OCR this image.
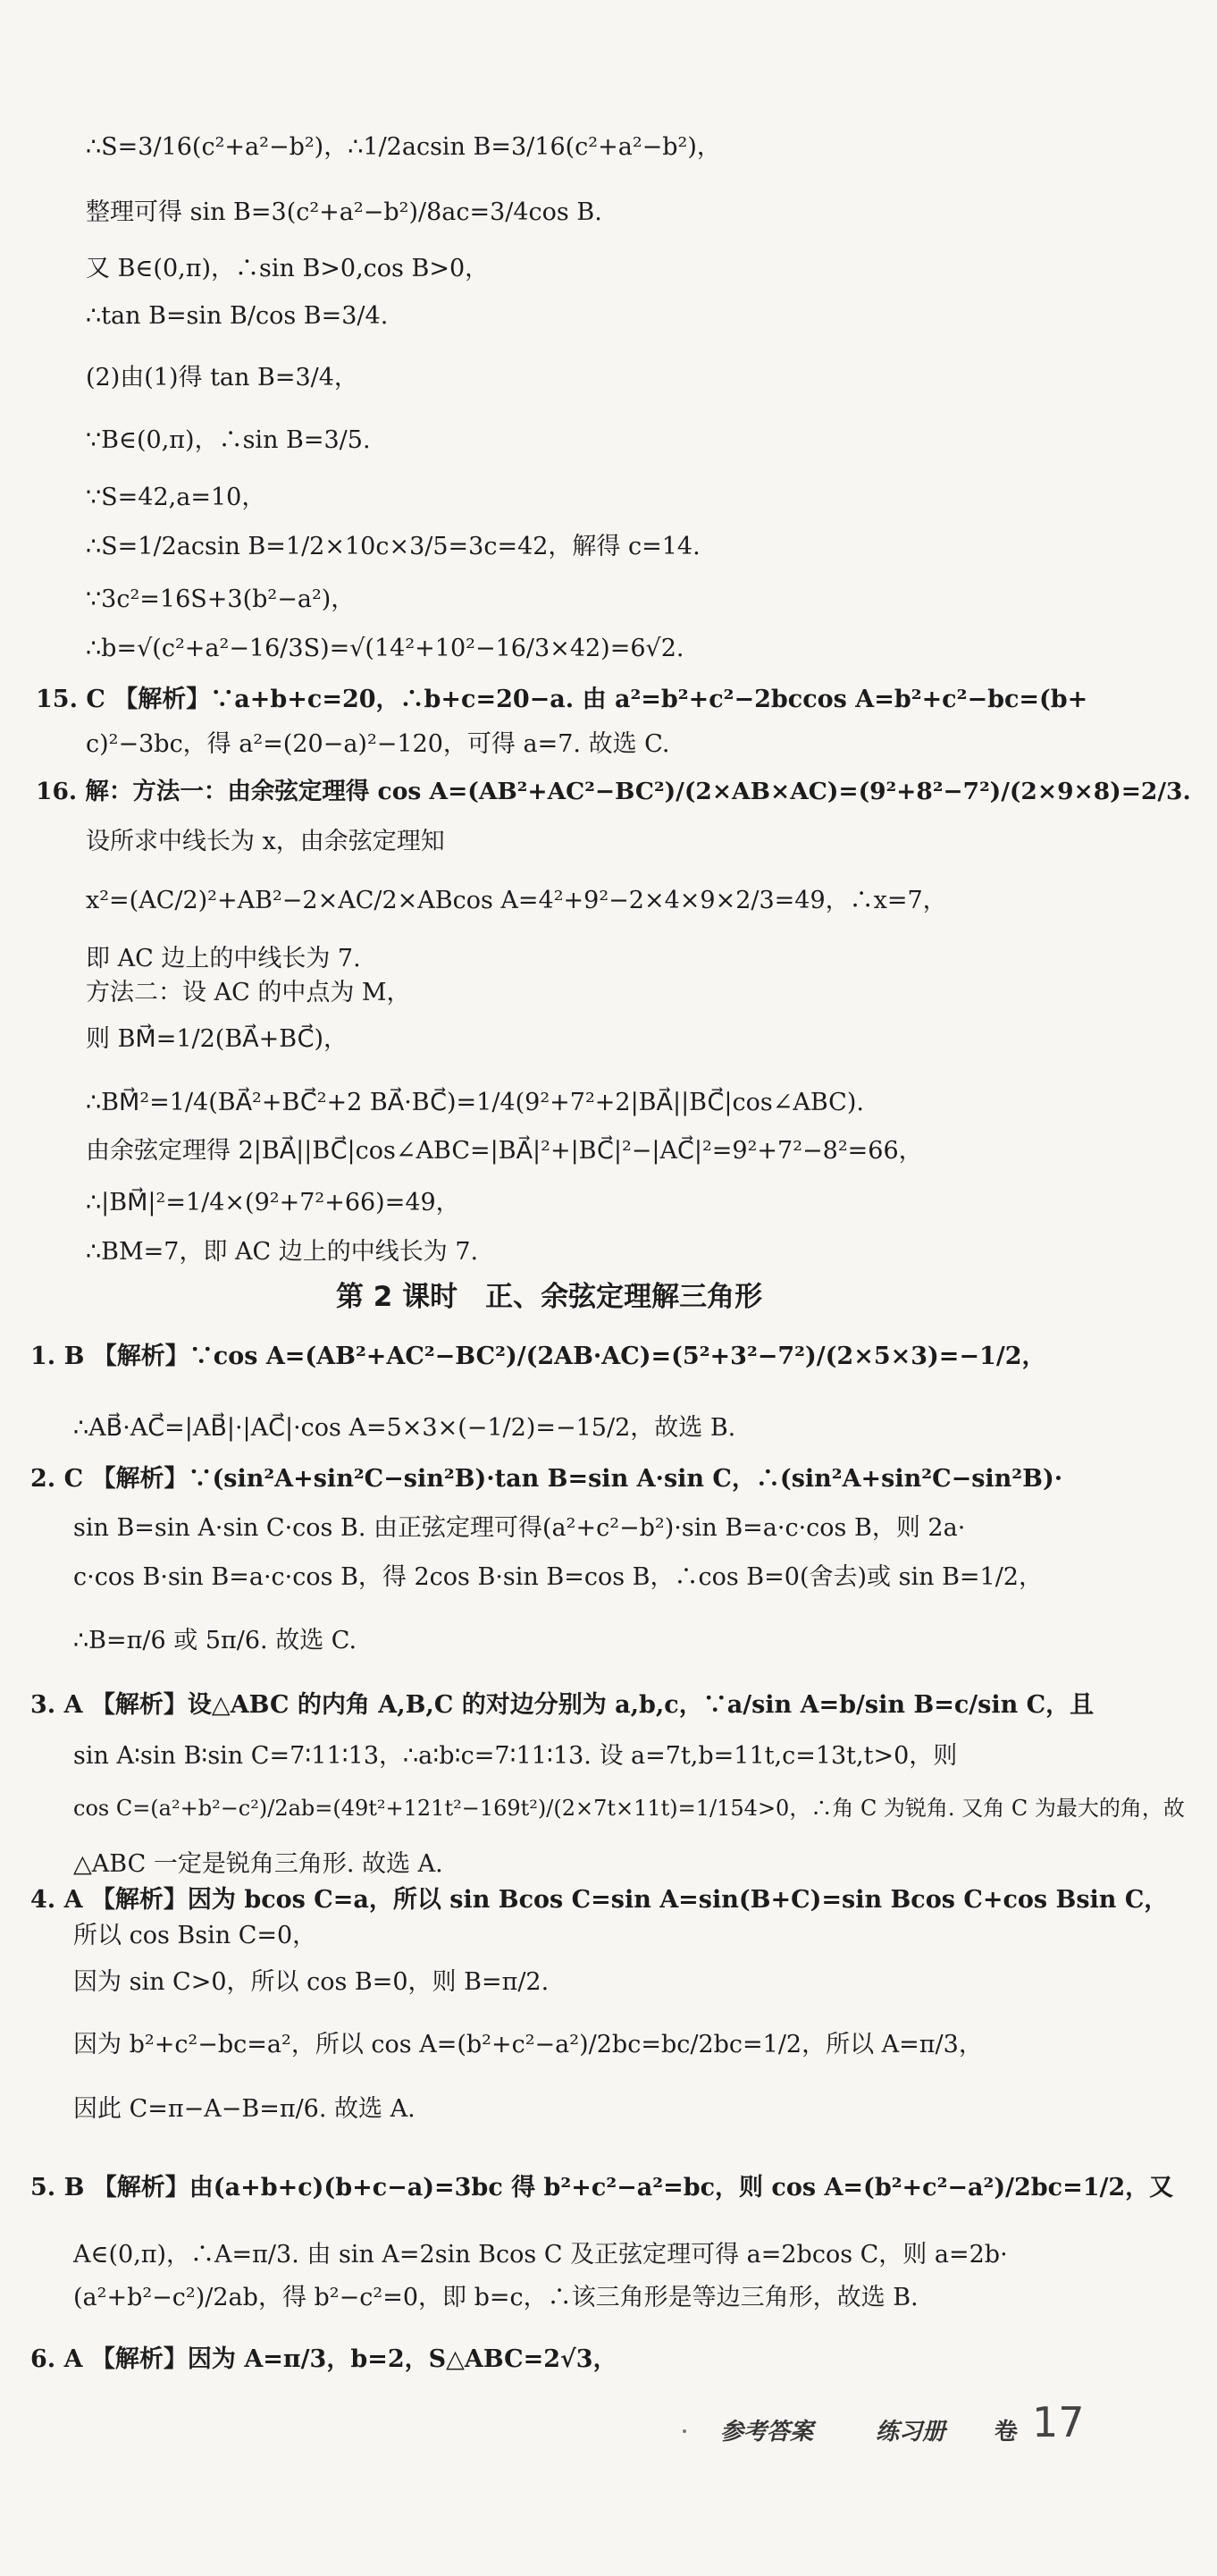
∴S=3/16(c²+a²−b²)，∴1/2acsin B=3/16(c²+a²−b²)，
整理可得 sin B=3(c²+a²−b²)/8ac=3/4cos B.
又 B∈(0,π)，∴sin B>0,cos B>0，
∴tan B=sin B/cos B=3/4.
(2)由(1)得 tan B=3/4，
∵B∈(0,π)，∴sin B=3/5.
∵S=42,a=10，
∴S=1/2acsin B=1/2×10c×3/5=3c=42，解得 c=14.
∵3c²=16S+3(b²−a²)，
∴b=√(c²+a²−16/3S)=√(14²+10²−16/3×42)=6√2.
15. C 【解析】∵a+b+c=20，∴b+c=20−a. 由 a²=b²+c²−2bccos A=b²+c²−bc=(b+
c)²−3bc，得 a²=(20−a)²−120，可得 a=7. 故选 C.
16. 解：方法一：由余弦定理得 cos A=(AB²+AC²−BC²)/(2×AB×AC)=(9²+8²−7²)/(2×9×8)=2/3.
设所求中线长为 x，由余弦定理知
x²=(AC/2)²+AB²−2×AC/2×ABcos A=4²+9²−2×4×9×2/3=49，∴x=7，
即 AC 边上的中线长为 7.
方法二：设 AC 的中点为 M，
则 BM⃗=1/2(BA⃗+BC⃗)，
∴BM⃗²=1/4(BA⃗²+BC⃗²+2 BA⃗·BC⃗)=1/4(9²+7²+2|BA⃗||BC⃗|cos∠ABC).
由余弦定理得 2|BA⃗||BC⃗|cos∠ABC=|BA⃗|²+|BC⃗|²−|AC⃗|²=9²+7²−8²=66，
∴|BM⃗|²=1/4×(9²+7²+66)=49，
∴BM=7，即 AC 边上的中线长为 7.
第 2 课时　正、余弦定理解三角形
1. B 【解析】∵cos A=(AB²+AC²−BC²)/(2AB·AC)=(5²+3²−7²)/(2×5×3)=−1/2，
∴AB⃗·AC⃗=|AB⃗|·|AC⃗|·cos A=5×3×(−1/2)=−15/2，故选 B.
2. C 【解析】∵(sin²A+sin²C−sin²B)·tan B=sin A·sin C，∴(sin²A+sin²C−sin²B)·
sin B=sin A·sin C·cos B. 由正弦定理可得(a²+c²−b²)·sin B=a·c·cos B，则 2a·
c·cos B·sin B=a·c·cos B，得 2cos B·sin B=cos B，∴cos B=0(舍去)或 sin B=1/2，
∴B=π/6 或 5π/6. 故选 C.
3. A 【解析】设△ABC 的内角 A,B,C 的对边分别为 a,b,c，∵a/sin A=b/sin B=c/sin C，且
sin A∶sin B∶sin C=7∶11∶13，∴a∶b∶c=7∶11∶13. 设 a=7t,b=11t,c=13t,t>0，则
cos C=(a²+b²−c²)/2ab=(49t²+121t²−169t²)/(2×7t×11t)=1/154>0，∴角 C 为锐角. 又角 C 为最大的角，故
△ABC 一定是锐角三角形. 故选 A.
4. A 【解析】因为 bcos C=a，所以 sin Bcos C=sin A=sin(B+C)=sin Bcos C+cos Bsin C，
所以 cos Bsin C=0，
因为 sin C>0，所以 cos B=0，则 B=π/2.
因为 b²+c²−bc=a²，所以 cos A=(b²+c²−a²)/2bc=bc/2bc=1/2，所以 A=π/3，
因此 C=π−A−B=π/6. 故选 A.
5. B 【解析】由(a+b+c)(b+c−a)=3bc 得 b²+c²−a²=bc，则 cos A=(b²+c²−a²)/2bc=1/2，又
A∈(0,π)，∴A=π/3. 由 sin A=2sin Bcos C 及正弦定理可得 a=2bcos C，则 a=2b·
(a²+b²−c²)/2ab，得 b²−c²=0，即 b=c，∴该三角形是等边三角形，故选 B.
6. A 【解析】因为 A=π/3，b=2，S△ABC=2√3，
参考答案	练习册 卷 17
